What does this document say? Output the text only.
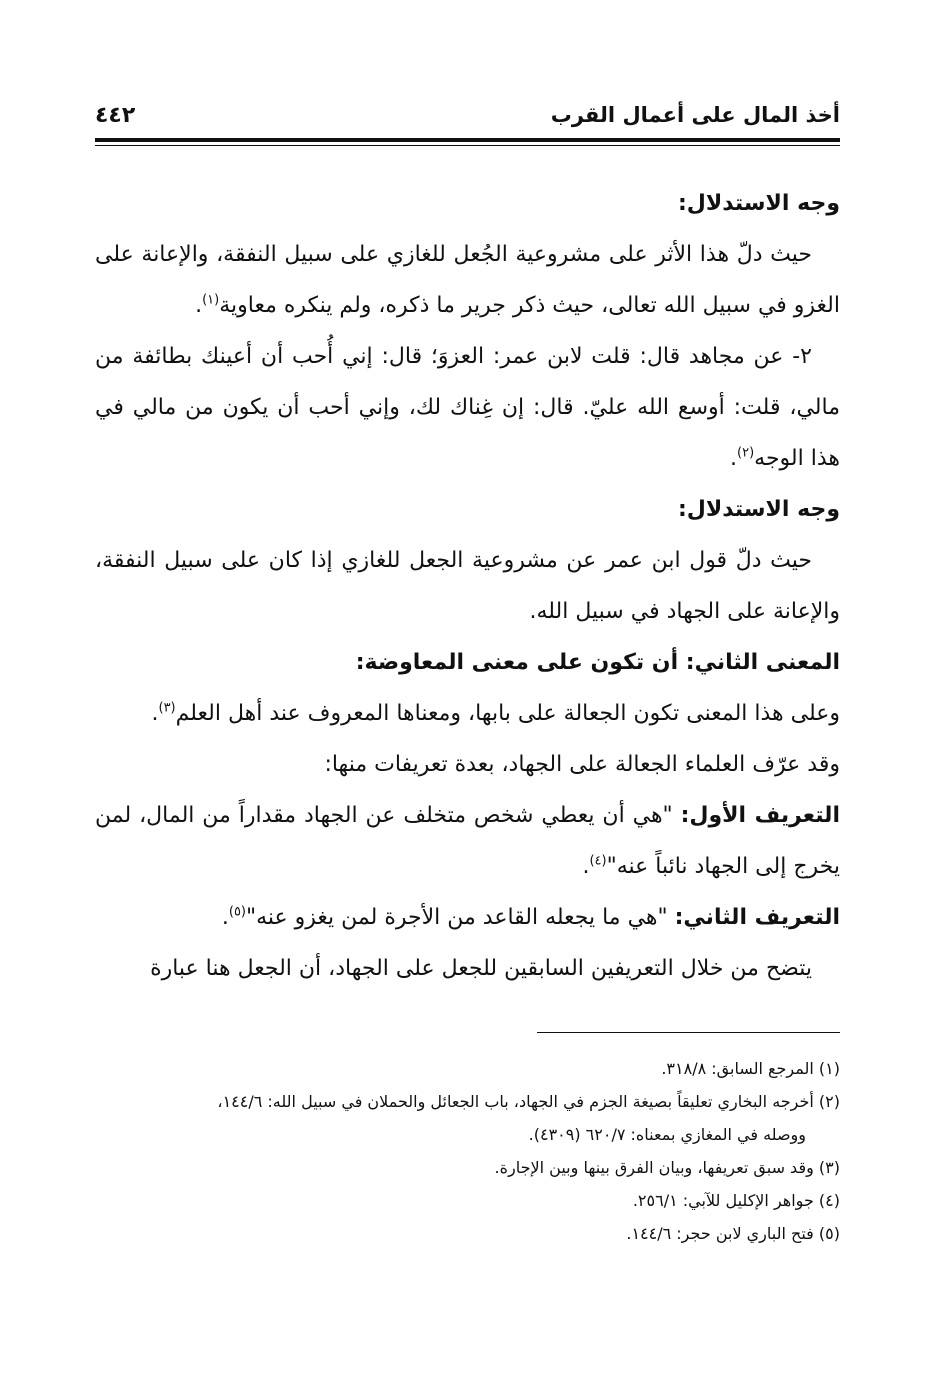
أخذ المال على أعمال القرب
٤٤٢

وجه الاستدلال:

حيث دلّ هذا الأثر على مشروعية الجُعل للغازي على سبيل النفقة، والإعانة على الغزو في سبيل الله تعالى، حيث ذكر جرير ما ذكره، ولم ينكره معاوية$^{(١)}$.

٢- عن مجاهد قال: قلت لابن عمر: العزوَ؛ قال: إني أُحب أن أعينك بطائفة من مالي، قلت: أوسع الله عليّ. قال: إن غِناك لك، وإني أحب أن يكون من مالي في هذا الوجه$^{(٢)}$.

وجه الاستدلال:

حيث دلّ قول ابن عمر عن مشروعية الجعل للغازي إذا كان على سبيل النفقة، والإعانة على الجهاد في سبيل الله.

المعنى الثاني: أن تكون على معنى المعاوضة:

وعلى هذا المعنى تكون الجعالة على بابها، ومعناها المعروف عند أهل العلم$^{(٣)}$.

وقد عرّف العلماء الجعالة على الجهاد، بعدة تعريفات منها:

التعريف الأول: "هي أن يعطي شخص متخلف عن الجهاد مقداراً من المال، لمن يخرج إلى الجهاد نائباً عنه"$^{(٤)}$.

التعريف الثاني: "هي ما يجعله القاعد من الأجرة لمن يغزو عنه"$^{(٥)}$.

يتضح من خلال التعريفين السابقين للجعل على الجهاد، أن الجعل هنا عبارة

(١) المرجع السابق: ٣١٨/٨.

(٢) أخرجه البخاري تعليقاً بصيغة الجزم في الجهاد، باب الجعائل والحملان في سبيل الله: ١٤٤/٦،

ووصله في المغازي بمعناه: ٦٢٠/٧ (٤٣٠٩).

(٣) وقد سبق تعريفها، وبيان الفرق بينها وبين الإجارة.

(٤) جواهر الإكليل للآبي: ٢٥٦/١.

(٥) فتح الباري لابن حجر: ١٤٤/٦.
